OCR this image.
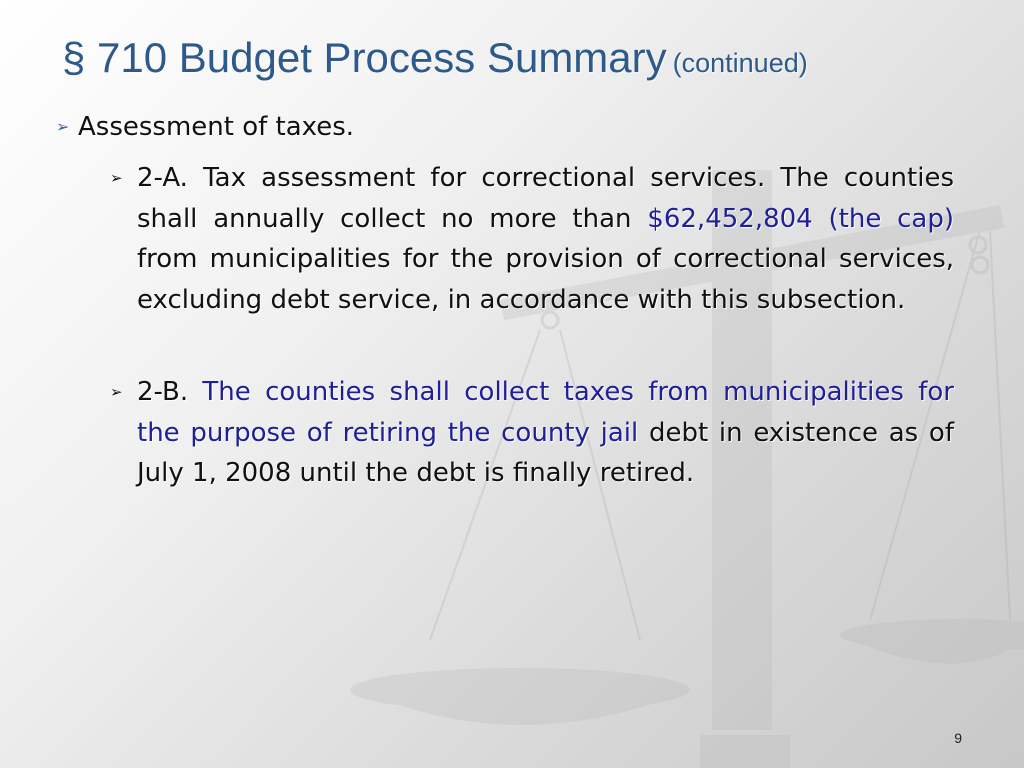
§ 710 Budget Process Summary (continued)
➢ Assessment of taxes.
➢ 2-A. Tax assessment for correctional services. The counties shall annually collect no more than $62,452,804 (the cap) from municipalities for the provision of correctional services, excluding debt service, in accordance with this subsection.

➢ 2-B. The counties shall collect taxes from municipalities for the purpose of retiring the county jail debt in existence as of July 1, 2008 until the debt is finally retired.

9
